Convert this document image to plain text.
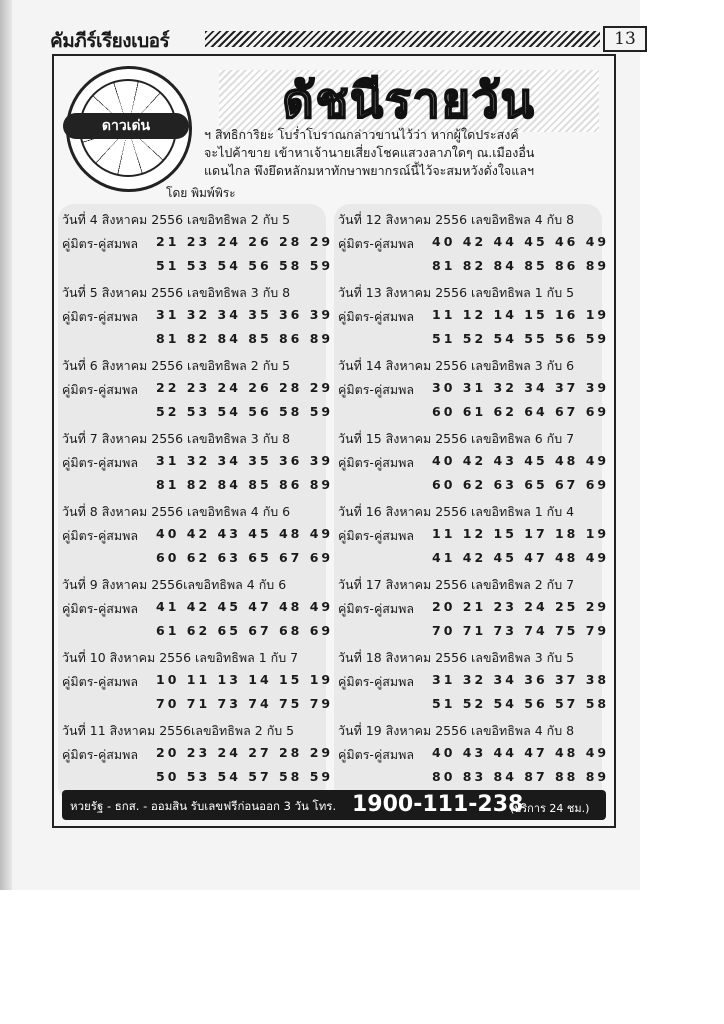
คัมภีร์เรียงเบอร์	13
ดาวเด่น	ดัชนีรายวัน
ฯ สิทธิการิยะ โบร่ำโบราณกล่าวขานไว้ว่า หากผู้ใดประสงค์
จะไปค้าขาย เข้าหาเจ้านายเสี่ยงโชคแสวงลาภใดๆ ณ.เมืองอื่น
แดนไกล พึงยึดหลักมหาทักษาพยากรณ์นี้ไว้จะสมหวังดั่งใจแลฯ
โดย พิมพ์พิระ
วันที่ 4 สิงหาคม 2556 เลขอิทธิพล 2 กับ 5
คู่มิตร-คู่สมพล 21 23 24 26 28 29
51 53 54 56 58 59
วันที่ 5 สิงหาคม 2556 เลขอิทธิพล 3 กับ 8
คู่มิตร-คู่สมพล 31 32 34 35 36 39
81 82 84 85 86 89
วันที่ 6 สิงหาคม 2556 เลขอิทธิพล 2 กับ 5
คู่มิตร-คู่สมพล 22 23 24 26 28 29
52 53 54 56 58 59
วันที่ 7 สิงหาคม 2556 เลขอิทธิพล 3 กับ 8
คู่มิตร-คู่สมพล 31 32 34 35 36 39
81 82 84 85 86 89
วันที่ 8 สิงหาคม 2556 เลขอิทธิพล 4 กับ 6
คู่มิตร-คู่สมพล 40 42 43 45 48 49
60 62 63 65 67 69
วันที่ 9 สิงหาคม 2556เลขอิทธิพล 4 กับ 6
คู่มิตร-คู่สมพล 41 42 45 47 48 49
61 62 65 67 68 69
วันที่ 10 สิงหาคม 2556 เลขอิทธิพล 1 กับ 7
คู่มิตร-คู่สมพล 10 11 13 14 15 19
70 71 73 74 75 79
วันที่ 11 สิงหาคม 2556เลขอิทธิพล 2 กับ 5
คู่มิตร-คู่สมพล 20 23 24 27 28 29
50 53 54 57 58 59
วันที่ 12 สิงหาคม 2556 เลขอิทธิพล 4 กับ 8
คู่มิตร-คู่สมพล 40 42 44 45 46 49
81 82 84 85 86 89
วันที่ 13 สิงหาคม 2556 เลขอิทธิพล 1 กับ 5
คู่มิตร-คู่สมพล 11 12 14 15 16 19
51 52 54 55 56 59
วันที่ 14 สิงหาคม 2556 เลขอิทธิพล 3 กับ 6
คู่มิตร-คู่สมพล 30 31 32 34 37 39
60 61 62 64 67 69
วันที่ 15 สิงหาคม 2556 เลขอิทธิพล 6 กับ 7
คู่มิตร-คู่สมพล 40 42 43 45 48 49
60 62 63 65 67 69
วันที่ 16 สิงหาคม 2556 เลขอิทธิพล 1 กับ 4
คู่มิตร-คู่สมพล 11 12 15 17 18 19
41 42 45 47 48 49
วันที่ 17 สิงหาคม 2556 เลขอิทธิพล 2 กับ 7
คู่มิตร-คู่สมพล 20 21 23 24 25 29
70 71 73 74 75 79
วันที่ 18 สิงหาคม 2556 เลขอิทธิพล 3 กับ 5
คู่มิตร-คู่สมพล 31 32 34 36 37 38
51 52 54 56 57 58
วันที่ 19 สิงหาคม 2556 เลขอิทธิพล 4 กับ 8
คู่มิตร-คู่สมพล 40 43 44 47 48 49
80 83 84 87 88 89
หวยรัฐ - ธกส. - ออมสิน รับเลขฟรีก่อนออก 3 วัน โทร. 1900-111-238
(บริการ 24 ชม.)
